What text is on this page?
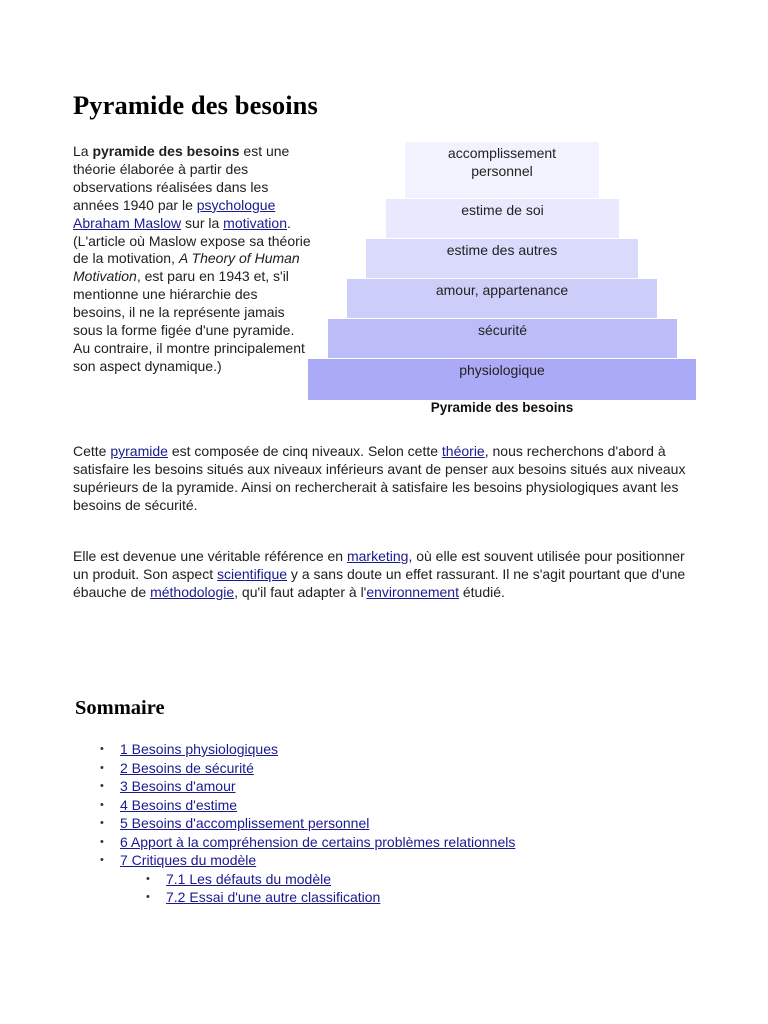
Pyramide des besoins

La pyramide des besoins est une théorie élaborée à partir des observations réalisées dans les années 1940 par le psychologue Abraham Maslow sur la motivation. (L'article où Maslow expose sa théorie de la motivation, A Theory of Human Motivation, est paru en 1943 et, s'il mentionne une hiérarchie des besoins, il ne la représente jamais sous la forme figée d'une pyramide. Au contraire, il montre principalement son aspect dynamique.)

accomplissement personnel
estime de soi
estime des autres
amour, appartenance
sécurité
physiologique
Pyramide des besoins

Cette pyramide est composée de cinq niveaux. Selon cette théorie, nous recherchons d'abord à satisfaire les besoins situés aux niveaux inférieurs avant de penser aux besoins situés aux niveaux supérieurs de la pyramide. Ainsi on rechercherait à satisfaire les besoins physiologiques avant les besoins de sécurité.

Elle est devenue une véritable référence en marketing, où elle est souvent utilisée pour positionner un produit. Son aspect scientifique y a sans doute un effet rassurant. Il ne s'agit pourtant que d'une ébauche de méthodologie, qu'il faut adapter à l'environnement étudié.

Sommaire
• 1 Besoins physiologiques
• 2 Besoins de sécurité
• 3 Besoins d'amour
• 4 Besoins d'estime
• 5 Besoins d'accomplissement personnel
• 6 Apport à la compréhension de certains problèmes relationnels
• 7 Critiques du modèle
• 7.1 Les défauts du modèle
• 7.2 Essai d'une autre classification
